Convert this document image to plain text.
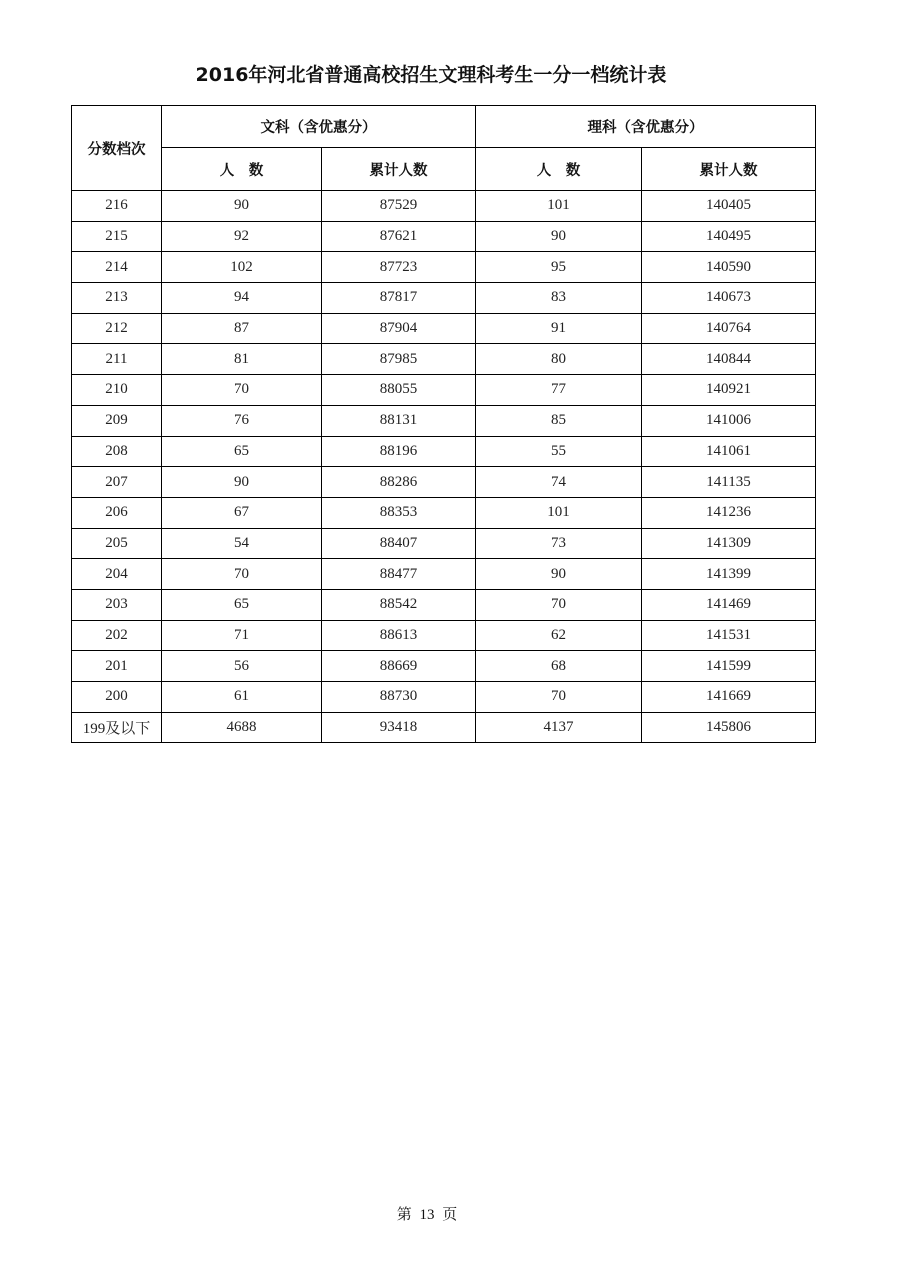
2016年河北省普通高校招生文理科考生一分一档统计表
分数档次	文科（含优惠分）		理科（含优惠分）	
	人　数	累计人数	人　数	累计人数
216	90	87529	101	140405
215	92	87621	90	140495
214	102	87723	95	140590
213	94	87817	83	140673
212	87	87904	91	140764
211	81	87985	80	140844
210	70	88055	77	140921
209	76	88131	85	141006
208	65	88196	55	141061
207	90	88286	74	141135
206	67	88353	101	141236
205	54	88407	73	141309
204	70	88477	90	141399
203	65	88542	70	141469
202	71	88613	62	141531
201	56	88669	68	141599
200	61	88730	70	141669
199及以下	4688	93418	4137	145806
第 13 页
